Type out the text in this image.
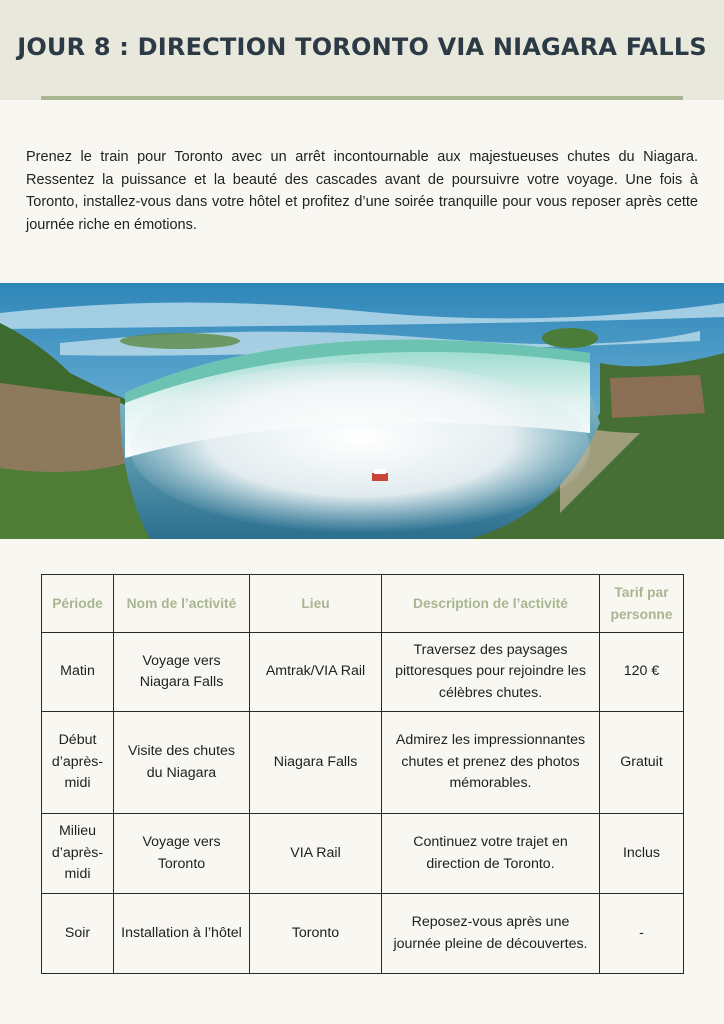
JOUR 8 : DIRECTION TORONTO VIA NIAGARA FALLS

Prenez le train pour Toronto avec un arrêt incontournable aux majestueuses chutes du Niagara. Ressentez la puissance et la beauté des cascades avant de poursuivre votre voyage. Une fois à Toronto, installez-vous dans votre hôtel et profitez d’une soirée tranquille pour vous reposer après cette journée riche en émotions.

Période	Nom de l’activité	Lieu	Description de l’activité	Tarif par personne
Matin	Voyage vers Niagara Falls	Amtrak/VIA Rail	Traversez des paysages pittoresques pour rejoindre les célèbres chutes.	120 €
Début d’après-midi	Visite des chutes du Niagara	Niagara Falls	Admirez les impressionnantes chutes et prenez des photos mémorables.	Gratuit
Milieu d’après-midi	Voyage vers Toronto	VIA Rail	Continuez votre trajet en direction de Toronto.	Inclus
Soir	Installation à l’hôtel	Toronto	Reposez-vous après une journée pleine de découvertes.	-
